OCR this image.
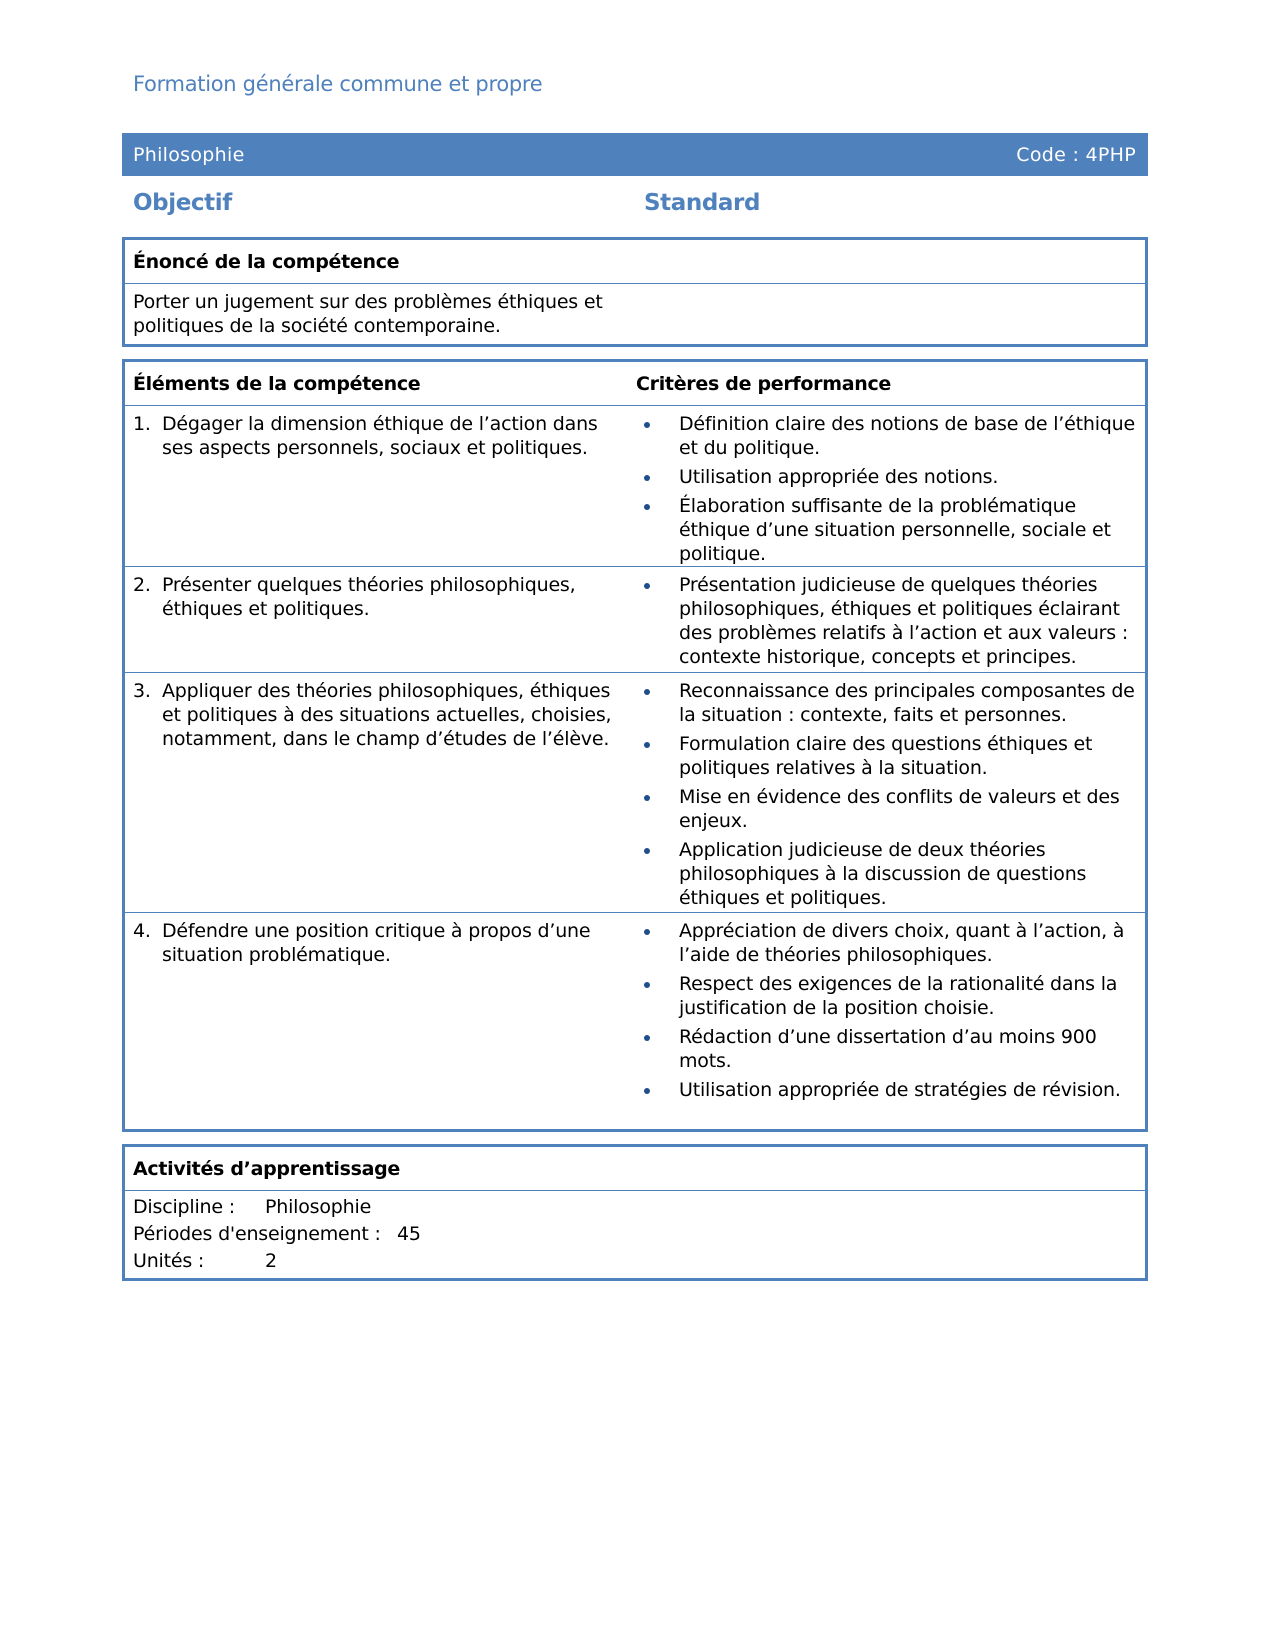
Formation générale commune et propre
Philosophie	Code : 4PHP
Objectif	Standard
Énoncé de la compétence
Porter un jugement sur des problèmes éthiques et politiques de la société contemporaine.
Éléments de la compétence	Critères de performance
1. Dégager la dimension éthique de l’action dans ses aspects personnels, sociaux et politiques.
Définition claire des notions de base de l’éthique et du politique.
Utilisation appropriée des notions.
Élaboration suffisante de la problématique éthique d’une situation personnelle, sociale et politique.
2. Présenter quelques théories philosophiques, éthiques et politiques.
Présentation judicieuse de quelques théories philosophiques, éthiques et politiques éclairant des problèmes relatifs à l’action et aux valeurs : contexte historique, concepts et principes.
3. Appliquer des théories philosophiques, éthiques et politiques à des situations actuelles, choisies, notamment, dans le champ d’études de l’élève.
Reconnaissance des principales composantes de la situation : contexte, faits et personnes.
Formulation claire des questions éthiques et politiques relatives à la situation.
Mise en évidence des conflits de valeurs et des enjeux.
Application judicieuse de deux théories philosophiques à la discussion de questions éthiques et politiques.
4. Défendre une position critique à propos d’une situation problématique.
Appréciation de divers choix, quant à l’action, à l’aide de théories philosophiques.
Respect des exigences de la rationalité dans la justification de la position choisie.
Rédaction d’une dissertation d’au moins 900 mots.
Utilisation appropriée de stratégies de révision.
Activités d’apprentissage
Discipline : Philosophie
Périodes d'enseignement : 45
Unités :	2
